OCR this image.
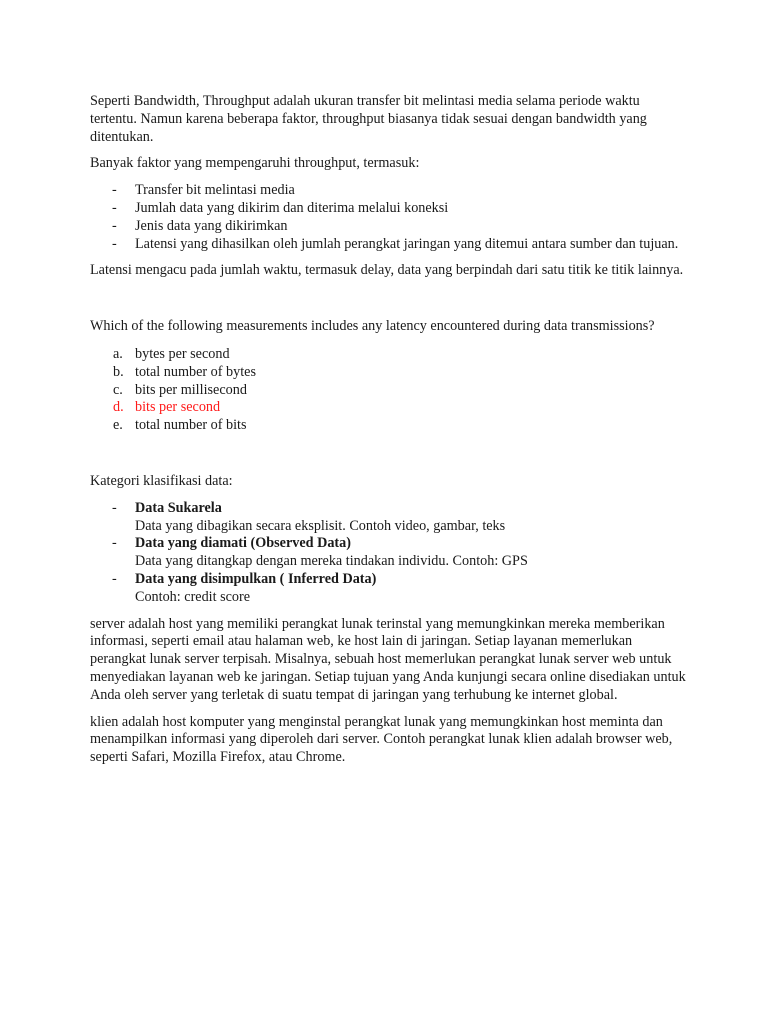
Seperti Bandwidth, Throughput adalah ukuran transfer bit melintasi media selama periode waktu tertentu. Namun karena beberapa faktor, throughput biasanya tidak sesuai dengan bandwidth yang ditentukan.

Banyak faktor yang mempengaruhi throughput, termasuk:

-	Transfer bit melintasi media
-	Jumlah data yang dikirim dan diterima melalui koneksi
-	Jenis data yang dikirimkan
-	Latensi yang dihasilkan oleh jumlah perangkat jaringan yang ditemui antara sumber dan tujuan.

Latensi mengacu pada jumlah waktu, termasuk delay, data yang berpindah dari satu titik ke titik lainnya.

Which of the following measurements includes any latency encountered during data transmissions?

a. bytes per second
b. total number of bytes
c. bits per millisecond
d. bits per second
e. total number of bits

Kategori klasifikasi data:

-	Data Sukarela
Data yang dibagikan secara eksplisit. Contoh video, gambar, teks
-	Data yang diamati (Observed Data)
Data yang ditangkap dengan mereka tindakan individu. Contoh: GPS
-	Data yang disimpulkan ( Inferred Data)
Contoh: credit score

server adalah host yang memiliki perangkat lunak terinstal yang memungkinkan mereka memberikan informasi, seperti email atau halaman web, ke host lain di jaringan. Setiap layanan memerlukan perangkat lunak server terpisah. Misalnya, sebuah host memerlukan perangkat lunak server web untuk menyediakan layanan web ke jaringan. Setiap tujuan yang Anda kunjungi secara online disediakan untuk Anda oleh server yang terletak di suatu tempat di jaringan yang terhubung ke internet global.

klien adalah host komputer yang menginstal perangkat lunak yang memungkinkan host meminta dan menampilkan informasi yang diperoleh dari server. Contoh perangkat lunak klien adalah browser web, seperti Safari, Mozilla Firefox, atau Chrome.
